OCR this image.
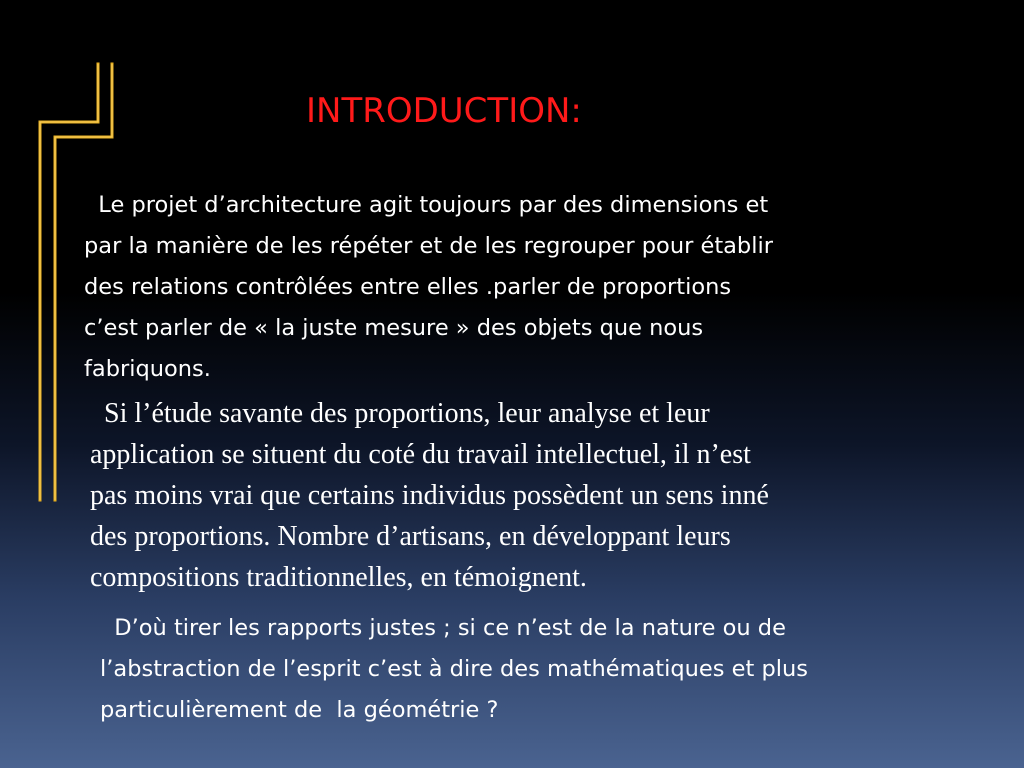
INTRODUCTION:

Le projet d’architecture agit toujours par des dimensions et
par la manière de les répéter et de les regrouper pour établir
des relations contrôlées entre elles .parler de proportions
c’est parler de « la juste mesure » des objets que nous
fabriquons.

Si l’étude savante des proportions, leur analyse et leur
application se situent du coté du travail intellectuel, il n’est
pas moins vrai que certains individus possèdent un sens inné
des proportions. Nombre d’artisans, en développant leurs
compositions traditionnelles, en témoignent.

D’où tirer les rapports justes ; si ce n’est de la nature ou de
l’abstraction de l’esprit c’est à dire des mathématiques et plus
particulièrement de  la géométrie ?
